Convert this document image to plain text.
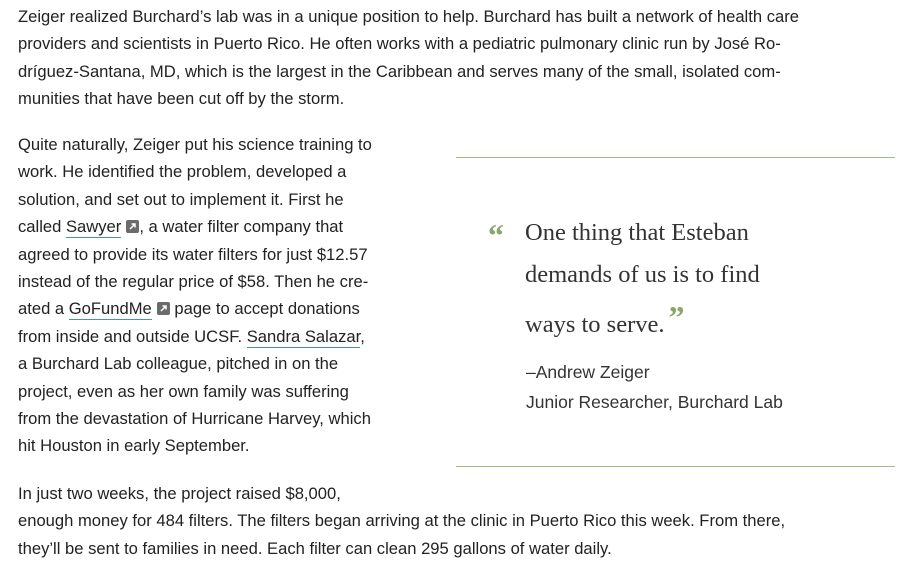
Zeiger realized Burchard’s lab was in a unique position to help. Burchard has built a network of health care
providers and scientists in Puerto Rico. He often works with a pediatric pulmonary clinic run by José Ro-
dríguez-Santana, MD, which is the largest in the Caribbean and serves many of the small, isolated com-
munities that have been cut off by the storm.

Quite naturally, Zeiger put his science training to
work. He identified the problem, developed a
solution, and set out to implement it. First he
called Sawyer , a water filter company that
agreed to provide its water filters for just $12.57
instead of the regular price of $58. Then he cre-
ated a GoFundMe page to accept donations
from inside and outside UCSF. Sandra Salazar,
a Burchard Lab colleague, pitched in on the
project, even as her own family was suffering
from the devastation of Hurricane Harvey, which
hit Houston in early September.

“ One thing that Esteban
demands of us is to find
ways to serve. ”
–Andrew Zeiger
Junior Researcher, Burchard Lab

In just two weeks, the project raised $8,000,
enough money for 484 filters. The filters began arriving at the clinic in Puerto Rico this week. From there,
they’ll be sent to families in need. Each filter can clean 295 gallons of water daily.
